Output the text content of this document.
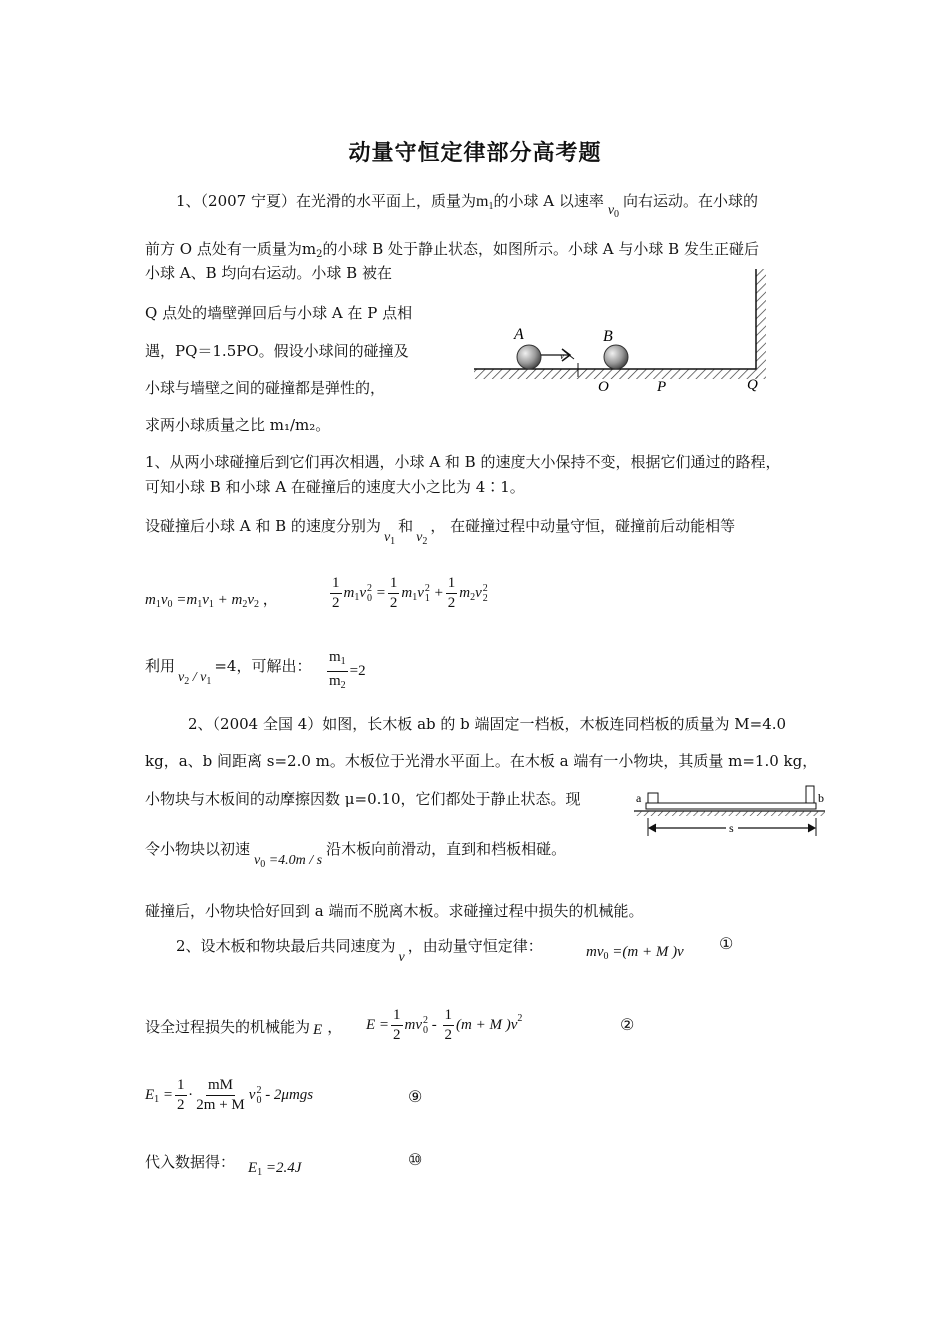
动量守恒定律部分高考题
1、（2007 宁夏）在光滑的水平面上，质量为$m_1$的小球 A 以速率$v_0$向右运动。在小球的
前方 O 点处有一质量为$m_2$的小球 B 处于静止状态，如图所示。小球 A 与小球 B 发生正碰后
小球 A、B 均向右运动。小球 B 被在
Q 点处的墙壁弹回后与小球 A 在 P 点相
遇，PQ＝1.5PO。假设小球间的碰撞及
小球与墙壁之间的碰撞都是弹性的，
求两小球质量之比 m₁/m₂。
v
A	B
O	P	Q
1、从两小球碰撞后到它们再次相遇，小球 A 和 B 的速度大小保持不变，根据它们通过的路程，
可知小球 B 和小球 A 在碰撞后的速度大小之比为 4∶1。
设碰撞后小球 A 和 B 的速度分别为$v_1$和$v_2$， 在碰撞过程中动量守恒，碰撞前后动能相等
$m_1v_0 =m_1v_1 + m_2v_2$ ，	$\frac{1}{2} m_1v$ 2
$0 = \frac{1}{2} m_1v$ 2
$1 + \frac{1}{2} m_2v$ 2
2
利用$v_2 / v_1=4$，可解出： $\frac{m_1}{m_2} =2$
2、（2004 全国 4）如图，长木板 ab 的 b 端固定一档板，木板连同档板的质量为 M=4.0
kg，a、b 间距离 s=2.0 m。木板位于光滑水平面上。在木板 a 端有一小物块，其质量 m=1.0 kg，
小物块与木板间的动摩擦因数 μ=0.10，它们都处于静止状态。现
令小物块以初速$v_0 =4.0m / s$沿木板向前滑动，直到和档板相碰。
碰撞后，小物块恰好回到 a 端而不脱离木板。求碰撞过程中损失的机械能。
a	b
s
2、设木板和物块最后共同速度为v，由动量守恒定律：	$mv_0 =(m + M$ )v ①
设全过程损失的机械能为 E ， $E = \frac{1}{2}$ mv 2
$0 - \frac{1}{2} (m + M$ )$v^2$	②
$E_1 = \frac{1}{2} \cdot \frac{mM}{2m + M}$ v 2
0 - 2μmgs	⑨
代入数据得： $E_1 =2.4J$	⑩
